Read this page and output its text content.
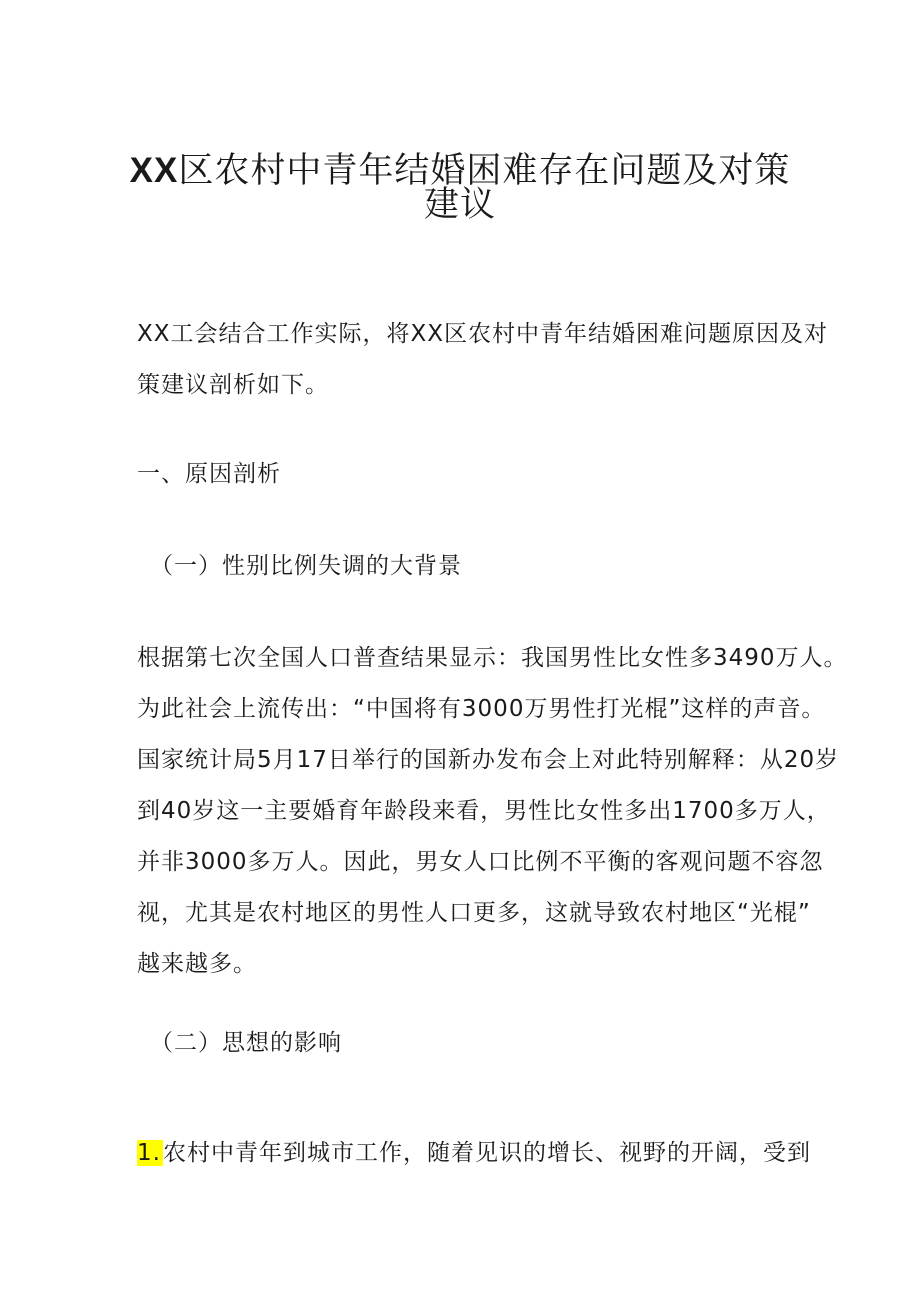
XX区农村中青年结婚困难存在问题及对策
建议

XX工会结合工作实际，将XX区农村中青年结婚困难问题原因及对
策建议剖析如下。

一、原因剖析

（一）性别比例失调的大背景

根据第七次全国人口普查结果显示：我国男性比女性多3490万人。
为此社会上流传出：“中国将有3000万男性打光棍”这样的声音。
国家统计局5月17日举行的国新办发布会上对此特别解释：从20岁
到40岁这一主要婚育年龄段来看，男性比女性多出1700多万人，
并非3000多万人。因此，男女人口比例不平衡的客观问题不容忽
视，尤其是农村地区的男性人口更多，这就导致农村地区“光棍”
越来越多。

（二）思想的影响

1.农村中青年到城市工作，随着见识的增长、视野的开阔，受到
